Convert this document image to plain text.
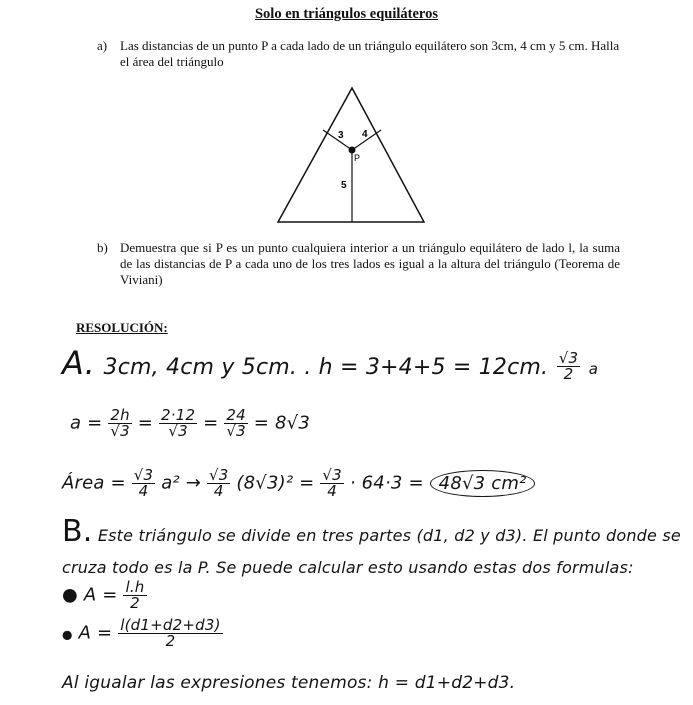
Solo en triángulos equiláteros
a) Las distancias de un punto P a cada lado de un triángulo equilátero son 3cm, 4 cm y 5 cm. Halla el área del triángulo
3 4
P
5
b) Demuestra que si P es un punto cualquiera interior a un triángulo equilátero de lado l, la suma de las distancias de P a cada uno de los tres lados es igual a la altura del triángulo (Teorema de Viviani)
RESOLUCIÓN:
A. 3cm, 4cm y 5cm. . h = 3+4+5 = 12cm. $\frac{√3}{2}$ a
$a = \frac{2h}{√3} = \frac{2\cdot 12}{√3} = \frac{24}{√3} = 8√3$
Área = $\frac{√3}{4} a^2 \to \frac{√3}{4} (8√3)^2 = \frac{√3}{4} \cdot 64\cdot 3 = 48√3$ cm²
B. Este triángulo se divide en tres partes (d1, d2 y d3). El punto donde se
cruza todo es la P. Se puede calcular esto usando estas dos formulas:
● $A = \frac{l.h}{2}$
● $A = \frac{l(d1+d2+d3)}{2}$
Al igualar las expresiones tenemos: h = d1+d2+d3.
